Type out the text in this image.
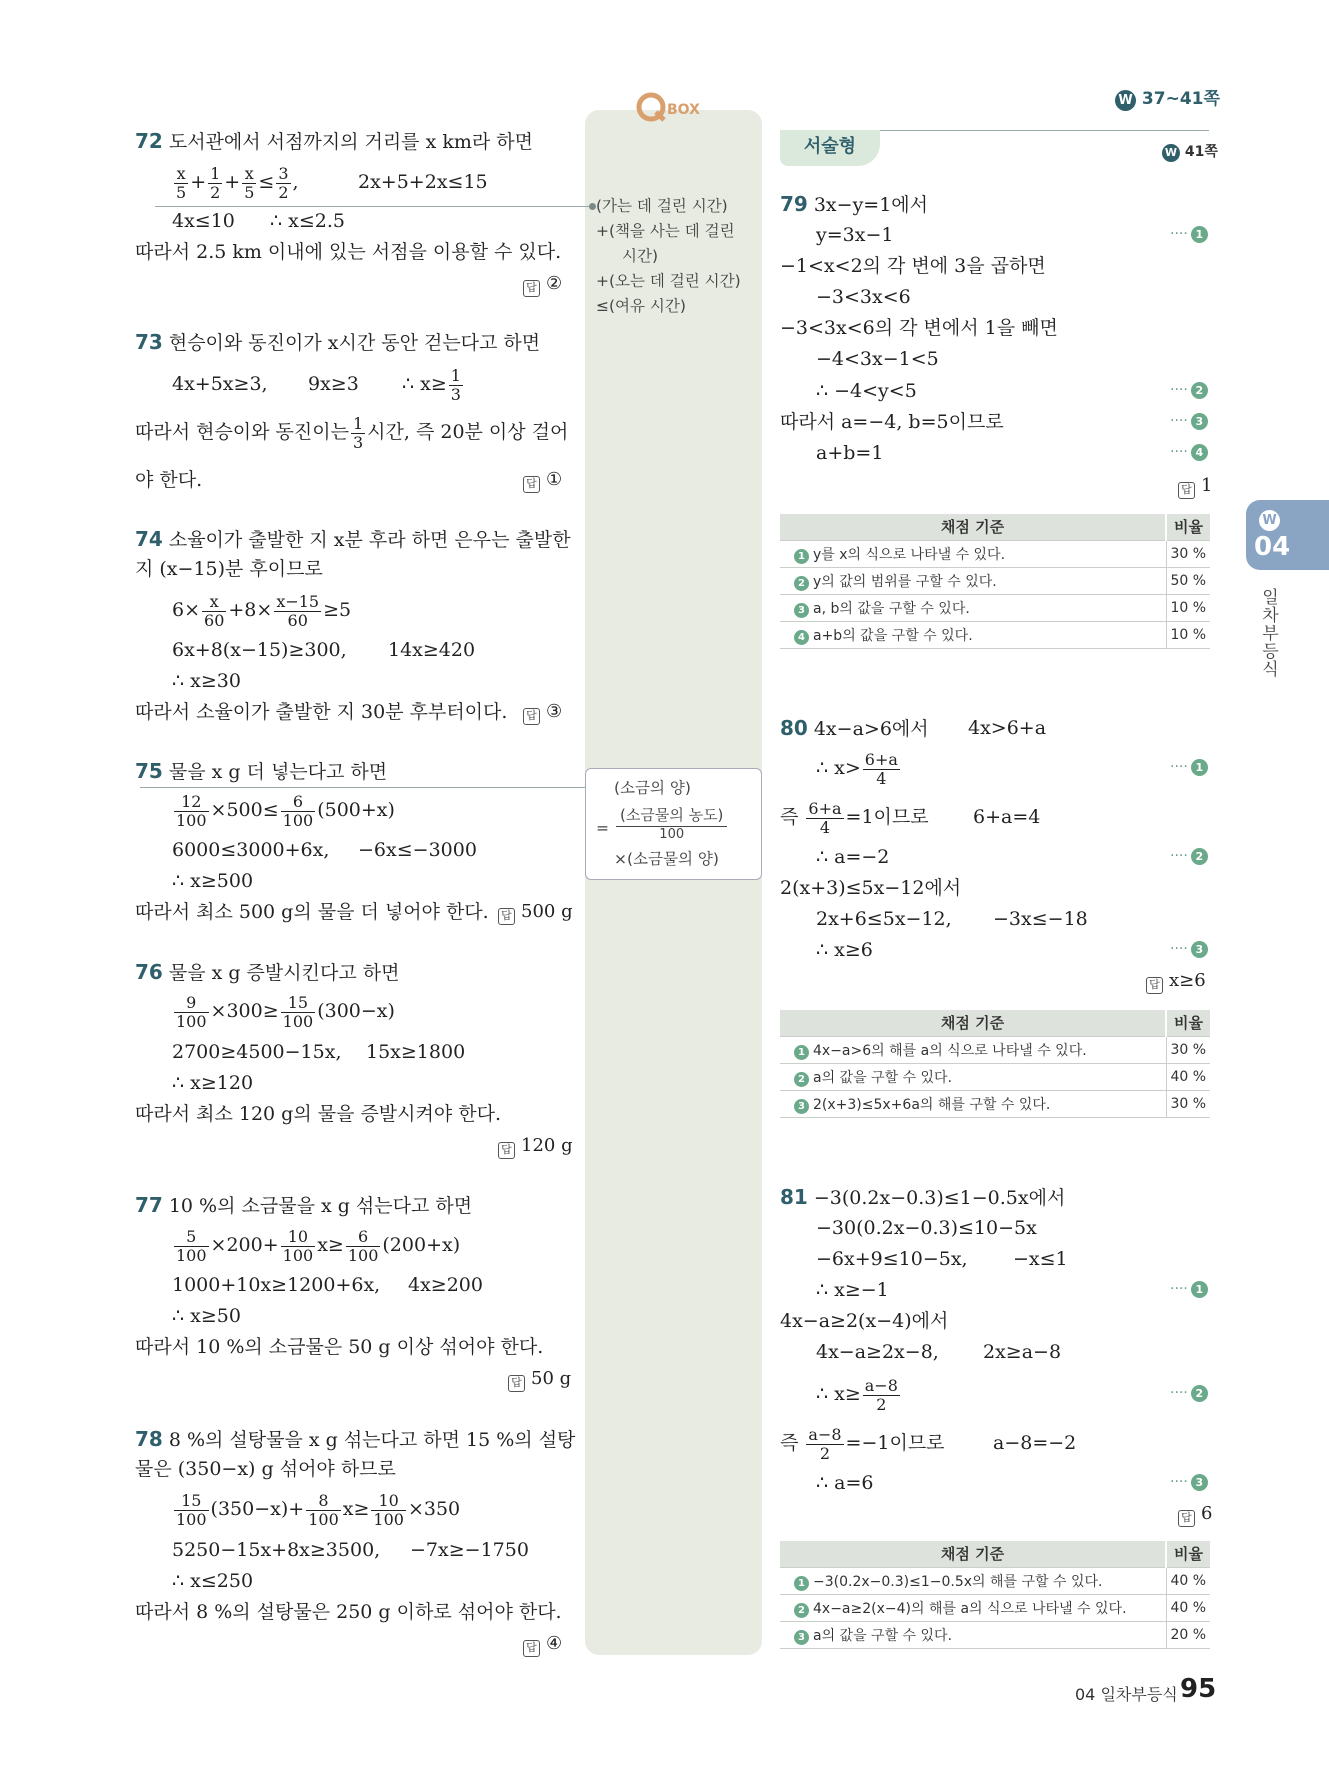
W 37~41쪽
BOX
(가는 데 걸린 시간)
+(책을 사는 데 걸린
시간)
+(오는 데 걸린 시간)
≤(여유 시간)
(소금의 양)
=
(소금물의 농도)
100
×(소금물의 양)
72 도서관에서 서점까지의 거리를 x km라 하면
$\frac{x}{5} + \frac{1}{2} + \frac{x}{5} \le \frac{3}{2}$ ,	2x+5+2x≤15
4x≤10 ∴ x≤2.5
따라서 2.5 km 이내에 있는 서점을 이용할 수 있다.
답 ②
73 현승이와 동진이가 x시간 동안 걷는다고 하면
4x+5x≥3, 9x≥3 ∴ $x\ge \frac{1}{3}$
따라서 현승이와 동진이는 $\frac{1}{3}$ 시간, 즉 20분 이상 걸어
야 한다.	답 ①
74 소율이가 출발한 지 x분 후라 하면 은우는 출발한
지 (x−15)분 후이므로
$6\times \frac{x}{60} +8\times \frac{x-15}{60} \ge 5$
6x+8(x−15)≥300, 14x≥420
∴ x≥30
따라서 소율이가 출발한 지 30분 후부터이다. 답 ③
75 물을 x g 더 넣는다고 하면
$\frac{12}{100} \times 500\le \frac{6}{100} (500+x)$
6000≤3000+6x, −6x≤−3000
∴ x≥500
따라서 최소 500 g의 물을 더 넣어야 한다. 답 500 g
76 물을 x g 증발시킨다고 하면
$\frac{9}{100} \times 300\ge \frac{15}{100} (300-x)$
2700≥4500−15x, 15x≥1800
∴ x≥120
따라서 최소 120 g의 물을 증발시켜야 한다.
답 120 g
77 10 %의 소금물을 x g 섞는다고 하면
$\frac{5}{100} \times 200+ \frac{10}{100} x\ge \frac{6}{100} (200+x)$
1000+10x≥1200+6x, 4x≥200
∴ x≥50
따라서 10 %의 소금물은 50 g 이상 섞어야 한다.
답 50 g
78 8 %의 설탕물을 x g 섞는다고 하면 15 %의 설탕
물은 (350−x) g 섞어야 하므로
$\frac{15}{100} (350-x)+ \frac{8}{100} x\ge \frac{10}{100} \times 350$
5250−15x+8x≥3500, −7x≥−1750
∴ x≤250
따라서 8 %의 설탕물은 250 g 이하로 섞어야 한다.
답 ④
서술형	W 41쪽
79 3x−y=1에서
y=3x−1	···· 1
−1<x<2의 각 변에 3을 곱하면
−3<3x<6
−3<3x<6의 각 변에서 1을 빼면
−4<3x−1<5
∴ −4<y<5	···· 2
따라서 a=−4, b=5이므로	···· 3
a+b=1	···· 4
답 1
채점 기준	비율
1 y를 x의 식으로 나타낼 수 있다.	30 %
2 y의 값의 범위를 구할 수 있다.	50 %
3 a, b의 값을 구할 수 있다.	10 %
4 a+b의 값을 구할 수 있다.	10 %
80 4x−a>6에서 4x>6+a
∴ $x> \frac{6+a}{4}$	···· 1
즉 $\frac{6+a}{4} =1$이므로 6+a=4
∴ a=−2	···· 2
2(x+3)≤5x−12에서
2x+6≤5x−12, −3x≤−18
∴ x≥6	···· 3
답 x≥6
채점 기준	비율
1 4x−a>6의 해를 a의 식으로 나타낼 수 있다.	30 %
2 a의 값을 구할 수 있다.	40 %
3 2(x+3)≤5x+6a의 해를 구할 수 있다.	30 %
81 −3(0.2x−0.3)≤1−0.5x에서
−30(0.2x−0.3)≤10−5x
−6x+9≤10−5x, −x≤1
∴ x≥−1	···· 1
4x−a≥2(x−4)에서
4x−a≥2x−8, 2x≥a−8
∴ $x\ge \frac{a-8}{2}$	···· 2
즉 $\frac{a-8}{2} =-1$이므로	a−8=−2
∴ a=6	···· 3
답 6
채점 기준	비율
1 −3(0.2x−0.3)≤1−0.5x의 해를 구할 수 있다.	40 %
2 4x−a≥2(x−4)의 해를 a의 식으로 나타낼 수 있다.	40 %
3 a의 값을 구할 수 있다.	20 %
W
04
일차부등식
04 일차부등식 95
